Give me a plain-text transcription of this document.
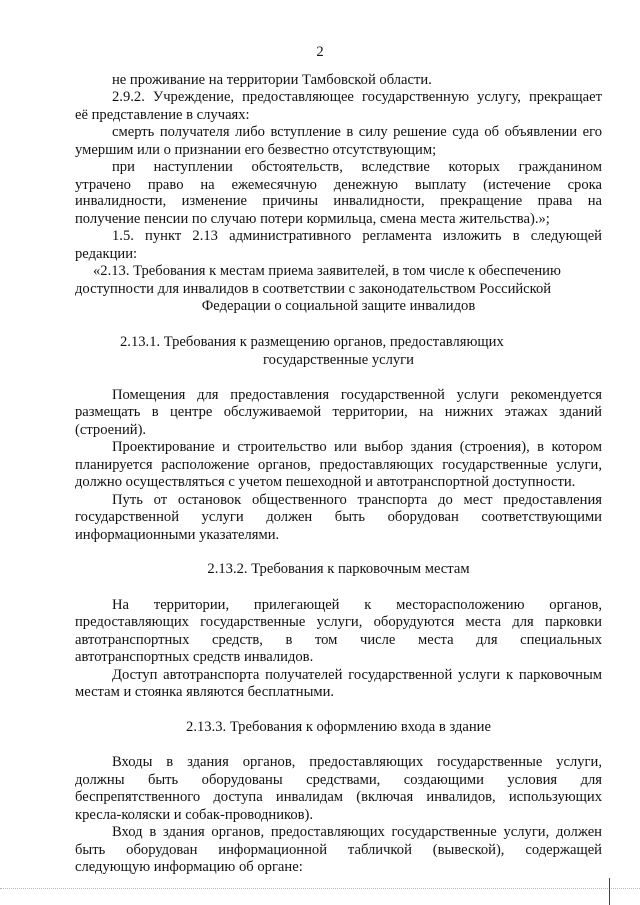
2
не проживание на территории Тамбовской области.
2.9.2. Учреждение, предоставляющее государственную услугу, прекращает
её представление в случаях:
смерть получателя либо вступление в силу решение суда об объявлении его
умершим или о признании его безвестно отсутствующим;
при наступлении обстоятельств, вследствие которых гражданином
утрачено право на ежемесячную денежную выплату (истечение срока
инвалидности, изменение причины инвалидности, прекращение права на
получение пенсии по случаю потери кормильца, смена места жительства).»;
1.5. пункт 2.13 административного регламента изложить в следующей
редакции:
«2.13. Требования к местам приема заявителей, в том числе к обеспечению
доступности для инвалидов в соответствии с законодательством Российской
Федерации о социальной защите инвалидов
2.13.1. Требования к размещению органов, предоставляющих
государственные услуги
Помещения для предоставления государственной услуги рекомендуется
размещать в центре обслуживаемой территории, на нижних этажах зданий
(строений).
Проектирование и строительство или выбор здания (строения), в котором
планируется расположение органов, предоставляющих государственные услуги,
должно осуществляться с учетом пешеходной и автотранспортной доступности.
Путь от остановок общественного транспорта до мест предоставления
государственной услуги должен быть оборудован соответствующими
информационными указателями.
2.13.2. Требования к парковочным местам
На территории, прилегающей к месторасположению органов,
предоставляющих государственные услуги, оборудуются места для парковки
автотранспортных средств, в том числе места для специальных
автотранспортных средств инвалидов.
Доступ автотранспорта получателей государственной услуги к парковочным
местам и стоянка являются бесплатными.
2.13.3. Требования к оформлению входа в здание
Входы в здания органов, предоставляющих государственные услуги,
должны быть оборудованы средствами, создающими условия для
беспрепятственного доступа инвалидам (включая инвалидов, использующих
кресла-коляски и собак-проводников).
Вход в здания органов, предоставляющих государственные услуги, должен
быть оборудован информационной табличкой (вывеской), содержащей
следующую информацию об органе:
